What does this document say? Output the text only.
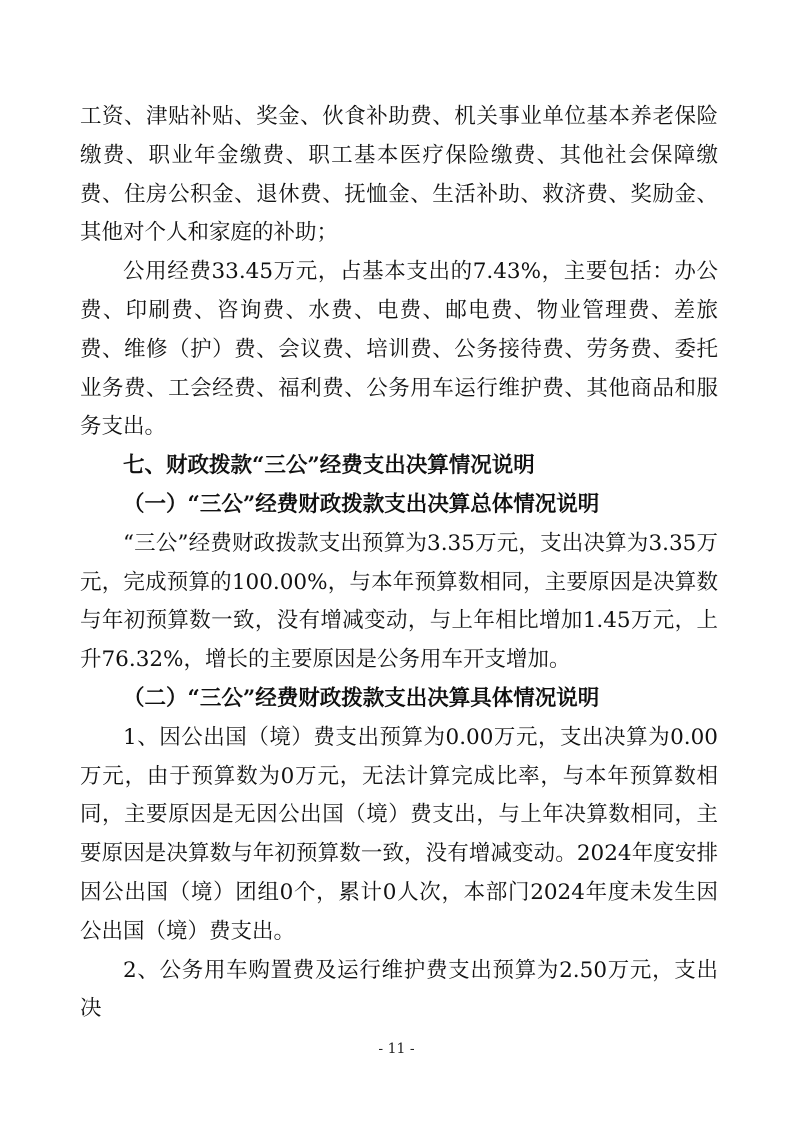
工资、津贴补贴、奖金、伙食补助费、机关事业单位基本养老保险缴费、职业年金缴费、职工基本医疗保险缴费、其他社会保障缴费、住房公积金、退休费、抚恤金、生活补助、救济费、奖励金、其他对个人和家庭的补助；

公用经费33.45万元，占基本支出的7.43%，主要包括：办公费、印刷费、咨询费、水费、电费、邮电费、物业管理费、差旅费、维修（护）费、会议费、培训费、公务接待费、劳务费、委托业务费、工会经费、福利费、公务用车运行维护费、其他商品和服务支出。

七、财政拨款“三公”经费支出决算情况说明

（一）“三公”经费财政拨款支出决算总体情况说明

“三公”经费财政拨款支出预算为3.35万元，支出决算为3.35万元，完成预算的100.00%，与本年预算数相同，主要原因是决算数与年初预算数一致，没有增减变动，与上年相比增加1.45万元，上升76.32%，增长的主要原因是公务用车开支增加。

（二）“三公”经费财政拨款支出决算具体情况说明

1、因公出国（境）费支出预算为0.00万元，支出决算为0.00万元，由于预算数为0万元，无法计算完成比率，与本年预算数相同，主要原因是无因公出国（境）费支出，与上年决算数相同，主要原因是决算数与年初预算数一致，没有增减变动。2024年度安排因公出国（境）团组0个，累计0人次，本部门2024年度未发生因公出国（境）费支出。

2、公务用车购置费及运行维护费支出预算为2.50万元，支出决

- 11 -
